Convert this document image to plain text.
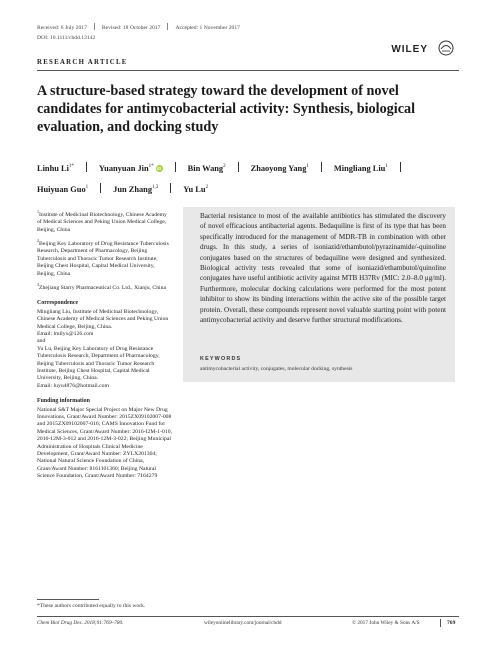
Received: 6 July 2017	Revised: 18 October 2017	Accepted: 1 November 2017
DOI: 10.1111/cbdd.13142
WILEY
RESEARCH ARTICLE
A structure-based strategy toward the development of novel candidates for antimycobacterial activity: Synthesis, biological evaluation, and docking study
Linhu $Li^{1*}$	Yuanyuan Jin$^{1*}$ iD	Bin Wang$^2$	Zhaoyong Yang$^1$	Mingliang Liu$^1$
Huiyuan Guo$^1$	Jun Zhang$^{1,3}$	Yu Lu$^2$
$^1$Institute of Medicinal Biotechnology, Chinese Academy of Medical Sciences and Peking Union Medical College, Beijing, China
$^2$Beijing Key Laboratory of Drug Resistance Tuberculosis Research, Department of Pharmacology, Beijing Tuberculosis and Thoracic Tumor Research Institute, Beijing Chest Hospital, Capital Medical University, Beijing, China
$^3$Zhejiang Starry Pharmaceutical Co. Ltd., Xianju, China
Correspondence
Mingliang Liu, Institute of Medicinal Biotechnology, Chinese Academy of Medical Sciences and Peking Union Medical College, Beijing, China.
Email: lmllyx@126.com
and
Yu Lu, Beijing Key Laboratory of Drug Resistance Tuberculosis Research, Department of Pharmacology, Beijing Tuberculosis and Thoracic Tumor Research Institute, Beijing Chest Hospital, Capital Medical University, Beijing, China.
Email: luyu4876@hotmail.com
Funding information
National S&T Major Special Project on Major New Drug Innovations, Grant/Award Number: 2015ZX09102007-008 and 2015ZX09102007-016; CAMS Innovation Fund for Medical Sciences, Grant/Award Number: 2016-I2M-1-010, 2016-12M-3-012 and 2016-12M-3-022; Beijing Municipal Administration of Hospitals Clinical Medicine Development, Grant/Award Number: ZYLX201304; National Natural Science Foundation of China, Grant/Award Number: 8161101360; Beijing Natural Science Foundation, Grant/Award Number: 7164279
Bacterial resistance to most of the available antibiotics has stimulated the discovery of novel efficacious antibacterial agents. Bedaquiline is first of its type that has been specifically introduced for the management of MDR-TB in combination with other drugs. In this study, a series of isoniazid/ethambutol/pyrazinamide/-quinoline conjugates based on the structures of bedaquiline were designed and synthesized. Biological activity tests revealed that some of isoniazid/ethambutol/quinoline conjugates have useful antibiotic activity against MTB H37Rv (MIC: 2.0–8.0 μg/ml). Furthermore, molecular docking calculations were performed for the most potent inhibitor to show its binding interactions within the active site of the possible target protein. Overall, these compounds represent novel valuable starting point with potent antimycobacterial activity and deserve further structural modifications.
KEYWORDS
antimycobacterial activity, conjugates, molecular docking, synthesis
*These authors contributed equally to this work.
Chem Biol Drug Des. 2018;91:769–780.	wileyonlinelibrary.com/journal/cbdd	© 2017 John Wiley & Sons A/S	769
